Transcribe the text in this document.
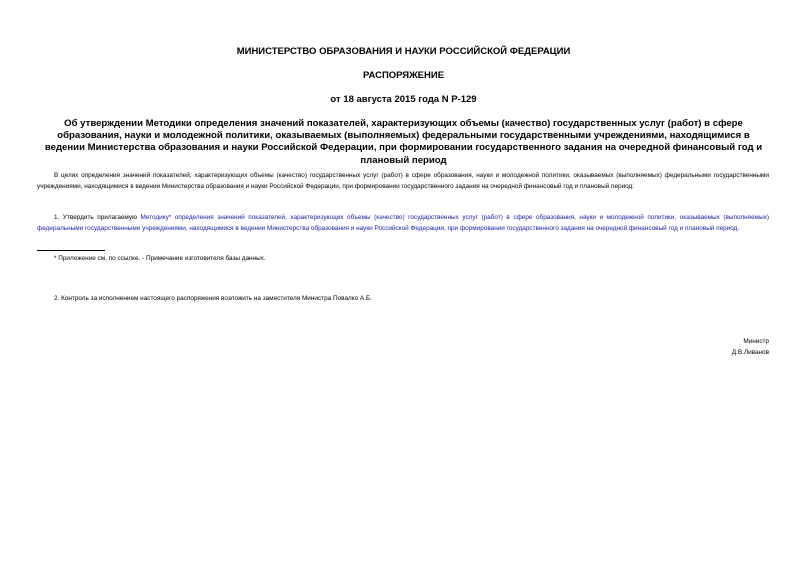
МИНИСТЕРСТВО ОБРАЗОВАНИЯ И НАУКИ РОССИЙСКОЙ ФЕДЕРАЦИИ
РАСПОРЯЖЕНИЕ
от 18 августа 2015 года N Р-129
Об утверждении Методики определения значений показателей, характеризующих объемы (качество) государственных услуг (работ) в сфере образования, науки и молодежной политики, оказываемых (выполняемых) федеральными государственными учреждениями, находящимися в ведении Министерства образования и науки Российской Федерации, при формировании государственного задания на очередной финансовый год и плановый период
В целях определения значений показателей, характеризующих объемы (качество) государственных услуг (работ) в сфере образования, науки и молодежной политики, оказываемых (выполняемых) федеральными государственными учреждениями, находящимися в ведении Министерства образования и науки Российской Федерации, при формировании государственного задания на очередной финансовый год и плановый период:
1. Утвердить прилагаемую Методику* определения значений показателей, характеризующих объемы (качество) государственных услуг (работ) в сфере образования, науки и молодежной политики, оказываемых (выполняемых) федеральными государственными учреждениями, находящимися в ведении Министерства образования и науки Российской Федерации, при формировании государственного задания на очередной финансовый год и плановый период.
* Приложение см. по ссылке. - Примечание изготовителя базы данных.
2. Контроль за исполнением настоящего распоряжения возложить на заместителя Министра Повалко А.Б.
Министр
Д.В.Ливанов
